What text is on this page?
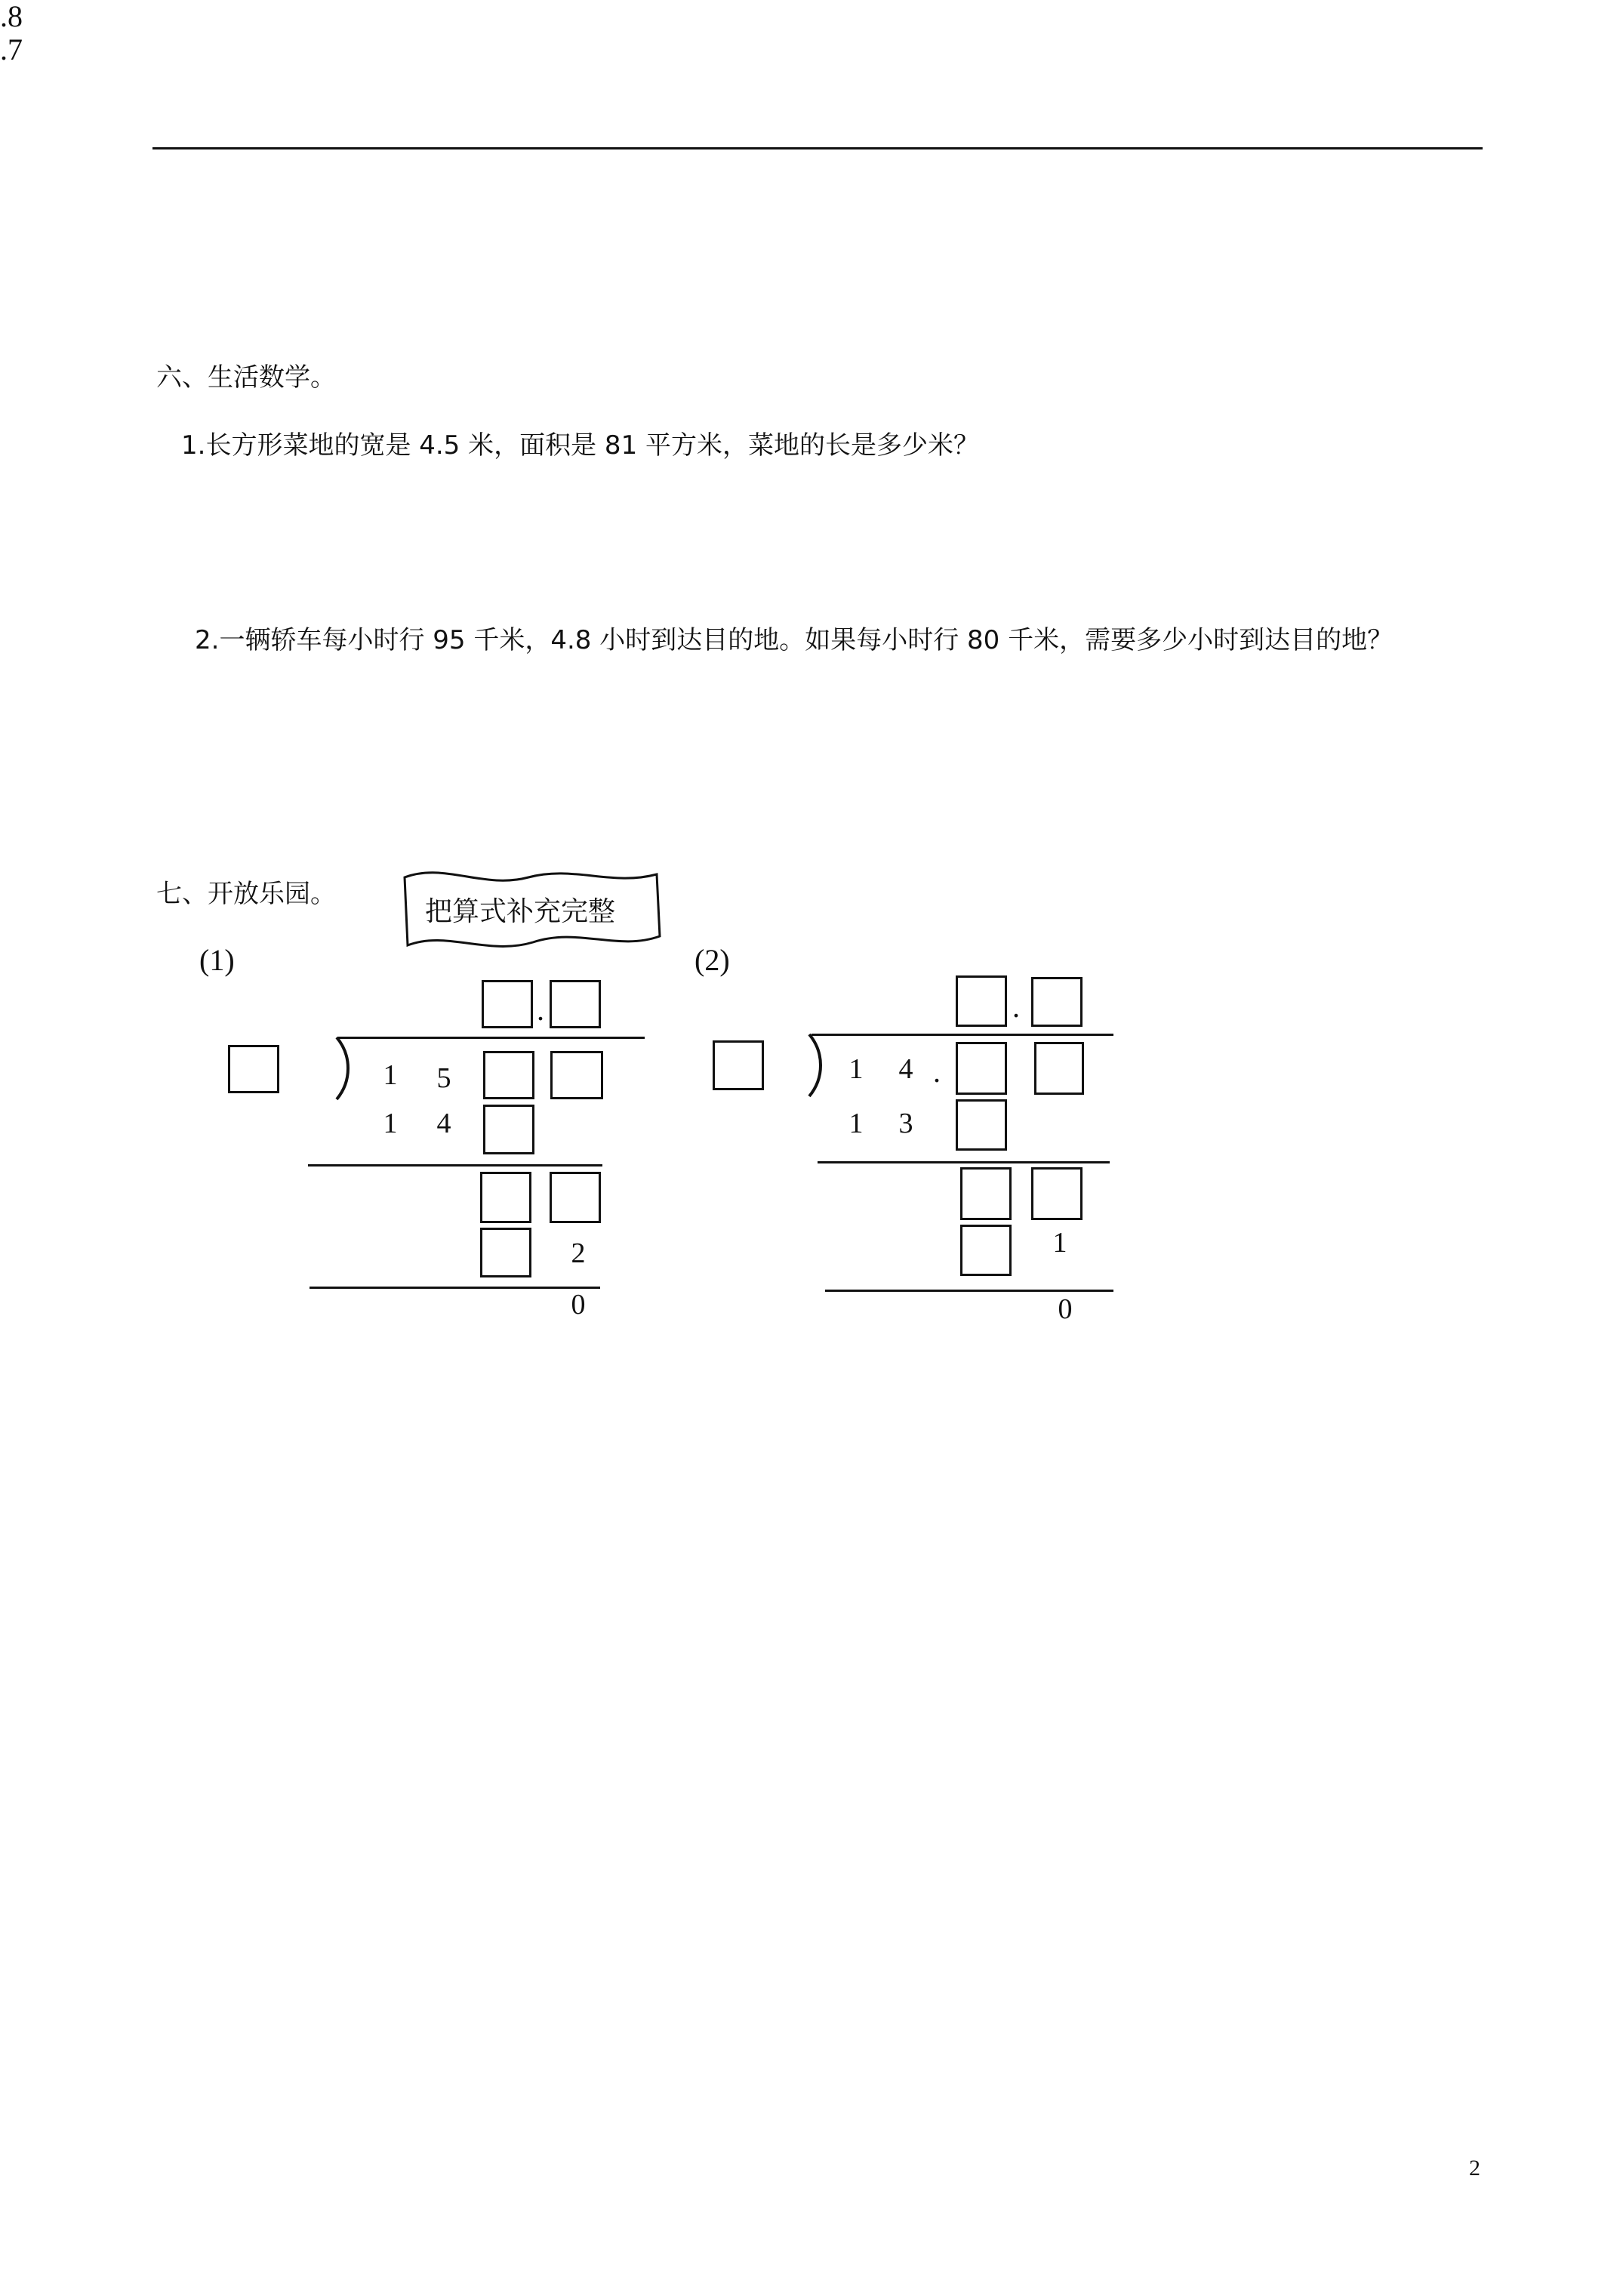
六、生活数学。
1.长方形菜地的宽是 4.5 米，面积是 81 平方米，菜地的长是多少米？
2.一辆轿车每小时行 95 千米，4.8 小时到达目的地。如果每小时行 80 千米，需要多少小时到达目的地？
七、开放乐园。
把算式补充完整
(1)
.
.8
1 5
1 4
2
0
(2)
.
.7
1 4 .
1 3
1
0
2
